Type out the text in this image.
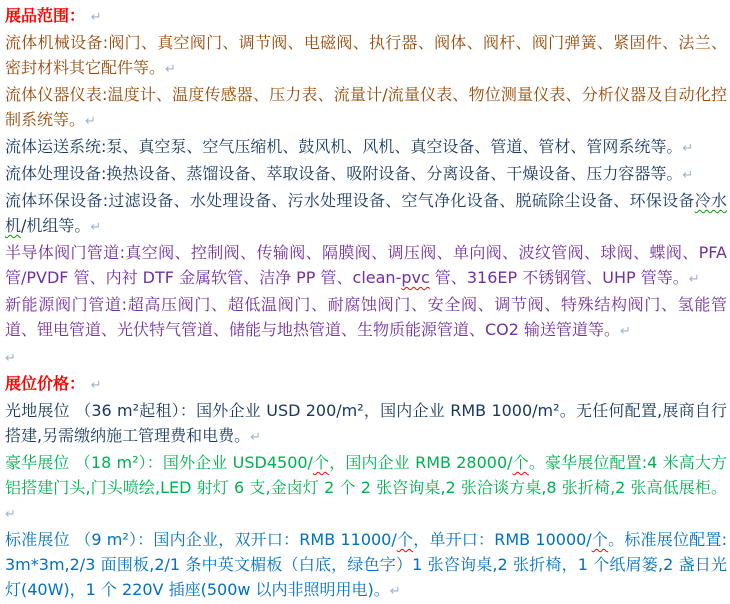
展品范围： ↵

流体机械设备:阀门、真空阀门、调节阀、电磁阀、执行器、阀体、阀杆、阀门弹簧、紧固件、法兰、密封材料其它配件等。↵

流体仪器仪表:温度计、温度传感器、压力表、流量计/流量仪表、物位测量仪表、分析仪器及自动化控制系统等。↵

流体运送系统:泵、真空泵、空气压缩机、鼓风机、风机、真空设备、管道、管材、管网系统等。↵

流体处理设备:换热设备、蒸馏设备、萃取设备、吸附设备、分离设备、干燥设备、压力容器等。↵

流体环保设备:过滤设备、水处理设备、污水处理设备、空气净化设备、脱硫除尘设备、环保设备冷水机/机组等。↵

半导体阀门管道:真空阀、控制阀、传输阀、隔膜阀、调压阀、单向阀、波纹管阀、球阀、蝶阀、PFA管/PVDF 管、内衬 DTF 金属软管、洁净 PP 管、clean-pvc 管、316EP 不锈钢管、UHP 管等。↵

新能源阀门管道:超高压阀门、超低温阀门、耐腐蚀阀门、安全阀、调节阀、特殊结构阀门、氢能管道、锂电管道、光伏特气管道、储能与地热管道、生物质能源管道、CO2 输送管道等。↵

↵

展位价格： ↵

光地展位 （36 m²起租）：国外企业 USD 200/m²，国内企业 RMB 1000/m²。无任何配置,展商自行搭建,另需缴纳施工管理费和电费。↵

豪华展位 （18 m²）：国外企业 USD4500/个，国内企业 RMB 28000/个。豪华展位配置:4 米高大方铝搭建门头,门头喷绘,LED 射灯 6 支,金卤灯 2 个 2 张咨询桌,2 张洽谈方桌,8 张折椅,2 张高低展柜。↵

标准展位 （9 m²）：国内企业，双开口：RMB 11000/个，单开口：RMB 10000/个。标准展位配置:3m*3m,2/3 面围板,2/1 条中英文楣板（白底，绿色字）1 张咨询桌,2 张折椅，1 个纸屑篓,2 盏日光灯(40W)，1 个 220V 插座(500w 以内非照明用电)。↵
